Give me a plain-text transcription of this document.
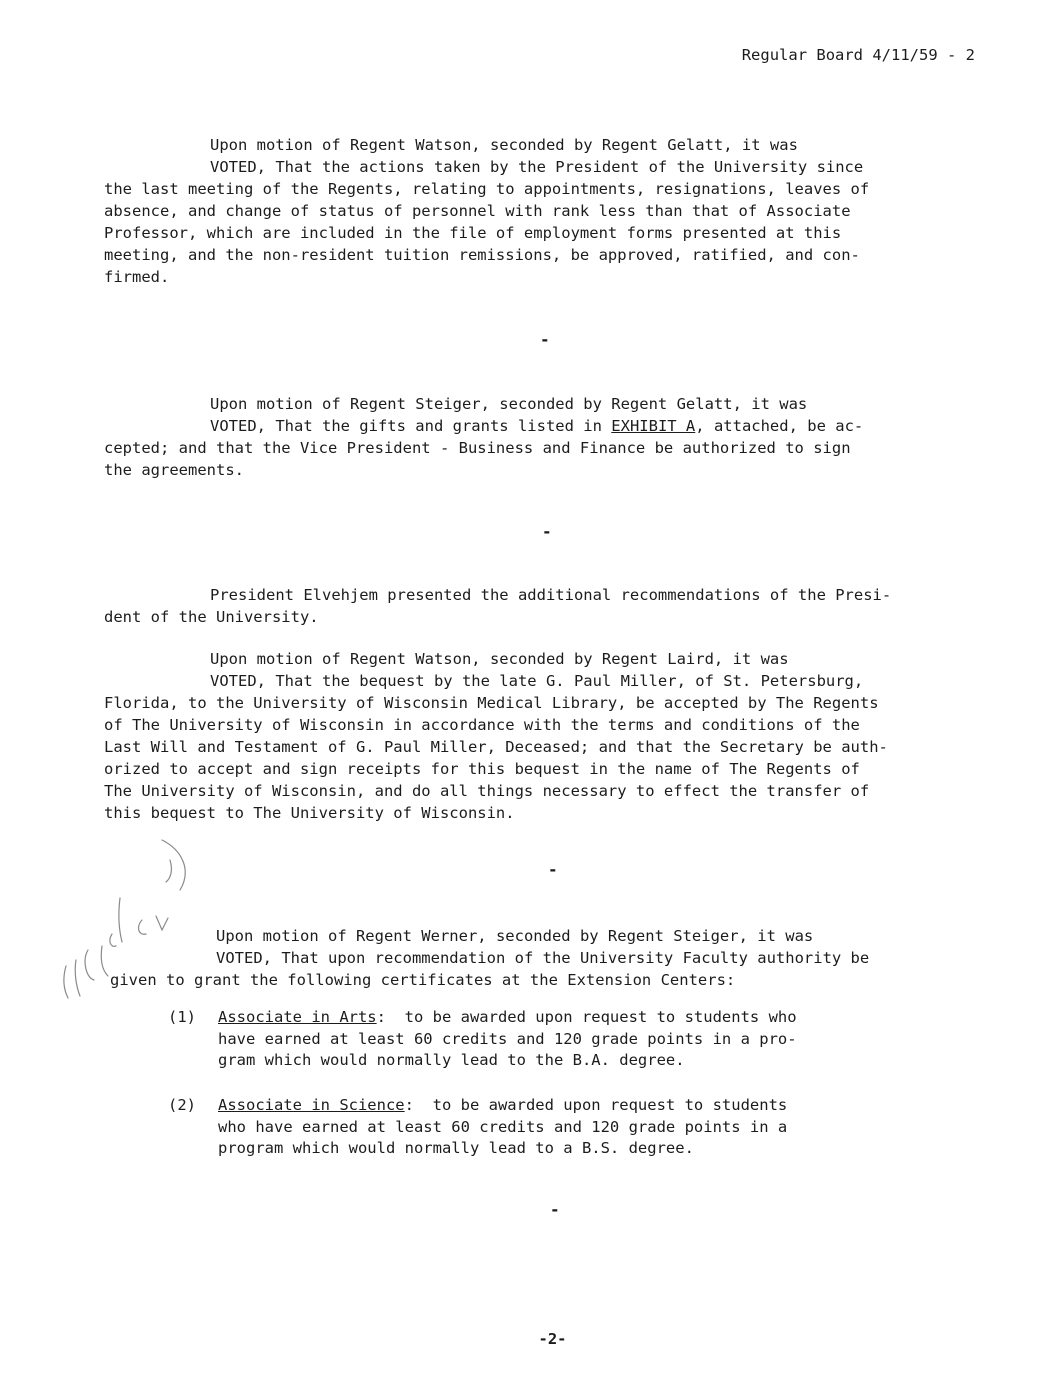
Regular Board 4/11/59 - 2
Upon motion of Regent Watson, seconded by Regent Gelatt, it was
VOTED, That the actions taken by the President of the University since
the last meeting of the Regents, relating to appointments, resignations, leaves of
absence, and change of status of personnel with rank less than that of Associate
Professor, which are included in the file of employment forms presented at this
meeting, and the non-resident tuition remissions, be approved, ratified, and con-
firmed.
-
Upon motion of Regent Steiger, seconded by Regent Gelatt, it was
VOTED, That the gifts and grants listed in EXHIBIT A, attached, be ac-
cepted; and that the Vice President - Business and Finance be authorized to sign
the agreements.
-
President Elvehjem presented the additional recommendations of the Presi-
dent of the University.
Upon motion of Regent Watson, seconded by Regent Laird, it was
VOTED, That the bequest by the late G. Paul Miller, of St. Petersburg,
Florida, to the University of Wisconsin Medical Library, be accepted by The Regents
of The University of Wisconsin in accordance with the terms and conditions of the
Last Will and Testament of G. Paul Miller, Deceased; and that the Secretary be auth-
orized to accept and sign receipts for this bequest in the name of The Regents of
The University of Wisconsin, and do all things necessary to effect the transfer of
this bequest to The University of Wisconsin.
-
Upon motion of Regent Werner, seconded by Regent Steiger, it was
VOTED, That upon recommendation of the University Faculty authority be
given to grant the following certificates at the Extension Centers:
(1) Associate in Arts:  to be awarded upon request to students who
have earned at least 60 credits and 120 grade points in a pro-
gram which would normally lead to the B.A. degree.
(2) Associate in Science:  to be awarded upon request to students
who have earned at least 60 credits and 120 grade points in a
program which would normally lead to a B.S. degree.
-
-2-
